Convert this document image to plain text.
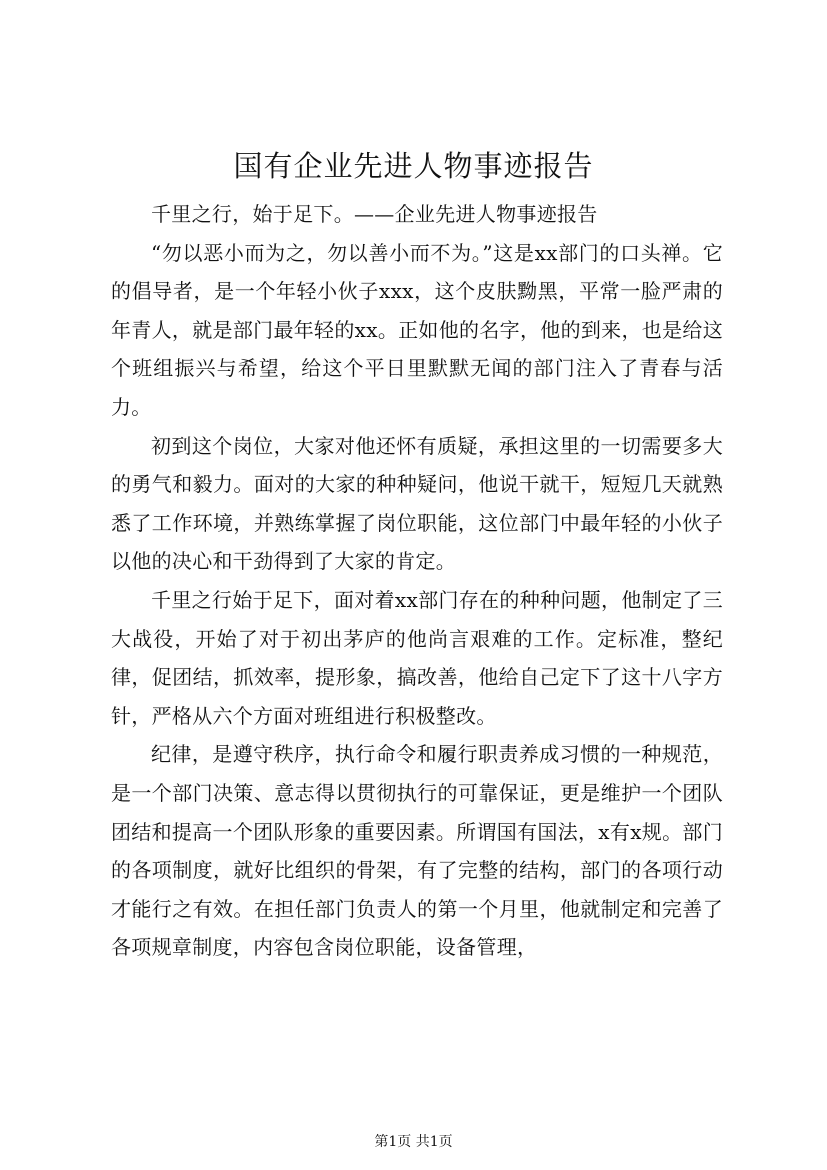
国有企业先进人物事迹报告

千里之行，始于足下。——企业先进人物事迹报告

“勿以恶小而为之，勿以善小而不为。”这是xx部门的口头禅。它的倡导者，是一个年轻小伙子xxx，这个皮肤黝黑，平常一脸严肃的年青人，就是部门最年轻的xx。正如他的名字，他的到来，也是给这个班组振兴与希望，给这个平日里默默无闻的部门注入了青春与活力。

初到这个岗位，大家对他还怀有质疑，承担这里的一切需要多大的勇气和毅力。面对的大家的种种疑问，他说干就干，短短几天就熟悉了工作环境，并熟练掌握了岗位职能，这位部门中最年轻的小伙子以他的决心和干劲得到了大家的肯定。

千里之行始于足下，面对着xx部门存在的种种问题，他制定了三大战役，开始了对于初出茅庐的他尚言艰难的工作。定标准，整纪律，促团结，抓效率，提形象，搞改善，他给自己定下了这十八字方针，严格从六个方面对班组进行积极整改。

纪律，是遵守秩序，执行命令和履行职责养成习惯的一种规范，是一个部门决策、意志得以贯彻执行的可靠保证，更是维护一个团队团结和提高一个团队形象的重要因素。所谓国有国法，x有x规。部门的各项制度，就好比组织的骨架，有了完整的结构，部门的各项行动才能行之有效。在担任部门负责人的第一个月里，他就制定和完善了各项规章制度，内容包含岗位职能，设备管理，

第1页 共1页
